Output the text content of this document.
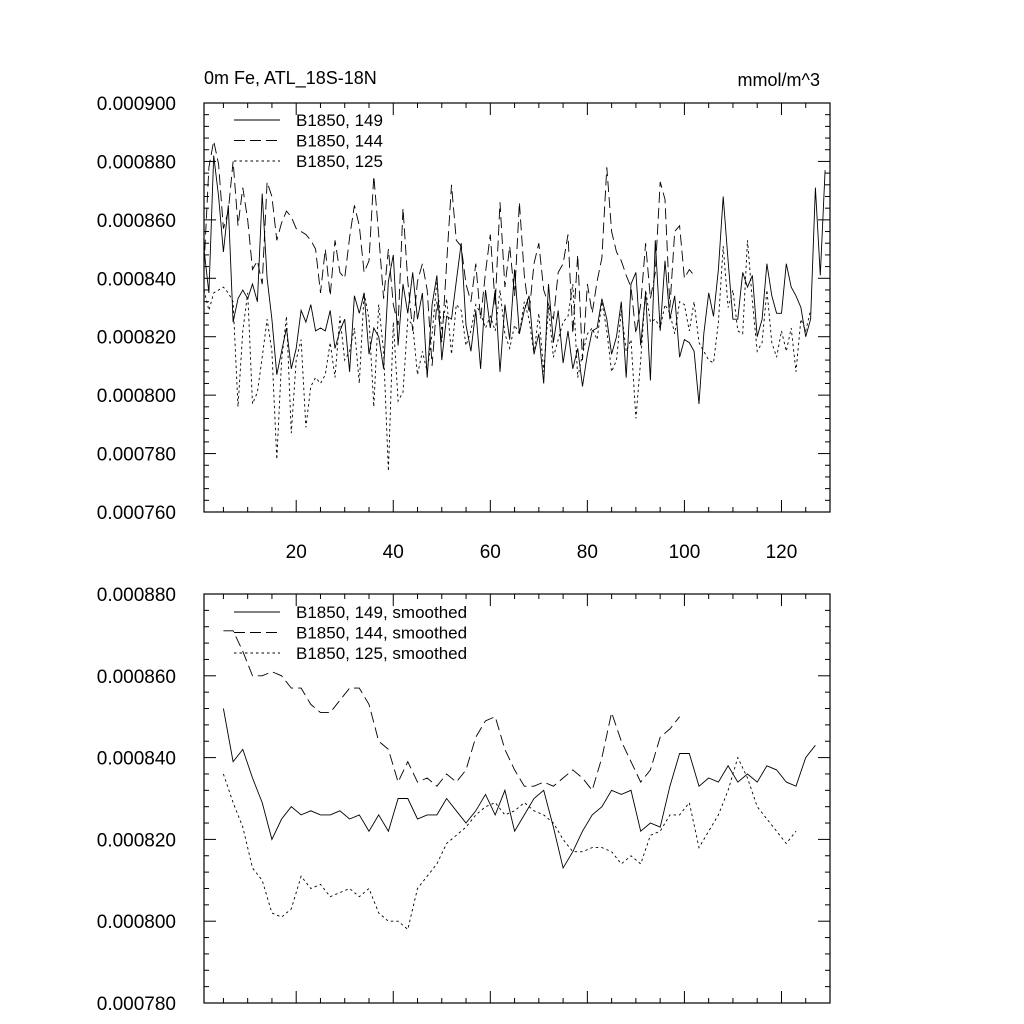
0m Fe, ATL_18S-18N	mmol/m^3
20	40	60	80	100	120
0.000760
0.000780
0.000800
0.000820
0.000840
0.000860
0.000880
0.000900
B1850, 149
B1850, 144
B1850, 125
0.000780
0.000800
0.000820
0.000840
0.000860
0.000880
B1850, 149, smoothed
B1850, 144, smoothed
B1850, 125, smoothed
